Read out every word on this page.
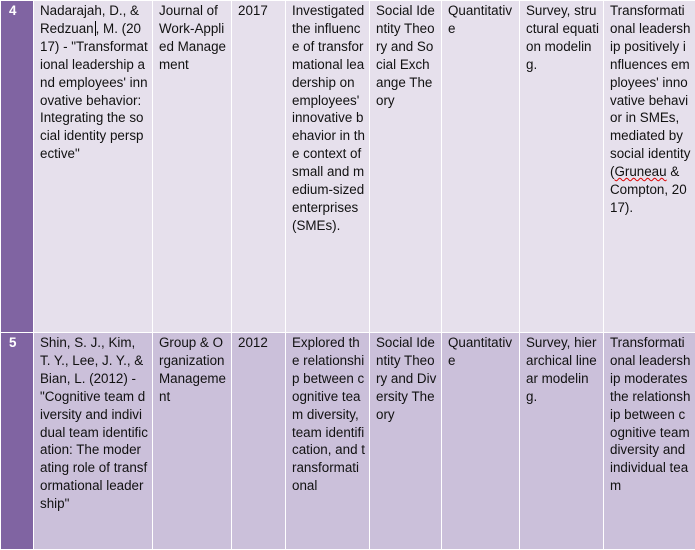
4	Nadarajah, D., & Redzuan , M. (2017) - "Transformational leadership and employees' innovative behavior: Integrating the social identity perspective"	Journal of Work-Applied Management	2017	Investigated the influence of transformational leadership on employees' innovative behavior in the context of small and medium-sized enterprises (SMEs).	Social Identity Theory and Social Exchange Theory	Quantitative	Survey, structural equation modeling.	Transformational leadership positively influences employees' innovative behavior in SMEs, mediated by social identity (Gruneau & Compton, 2017).
5	Shin, S. J., Kim, T. Y., Lee, J. Y., & Bian, L. (2012) - "Cognitive team diversity and individual team identification: The moderating role of transformational leadership"	Group & Organization Management	2012	Explored the relationship between cognitive team diversity, team identification, and transformational	Social Identity Theory and Diversity Theory	Quantitative	Survey, hierarchical linear modeling.	Transformational leadership moderates the relationship between cognitive team diversity and individual team
